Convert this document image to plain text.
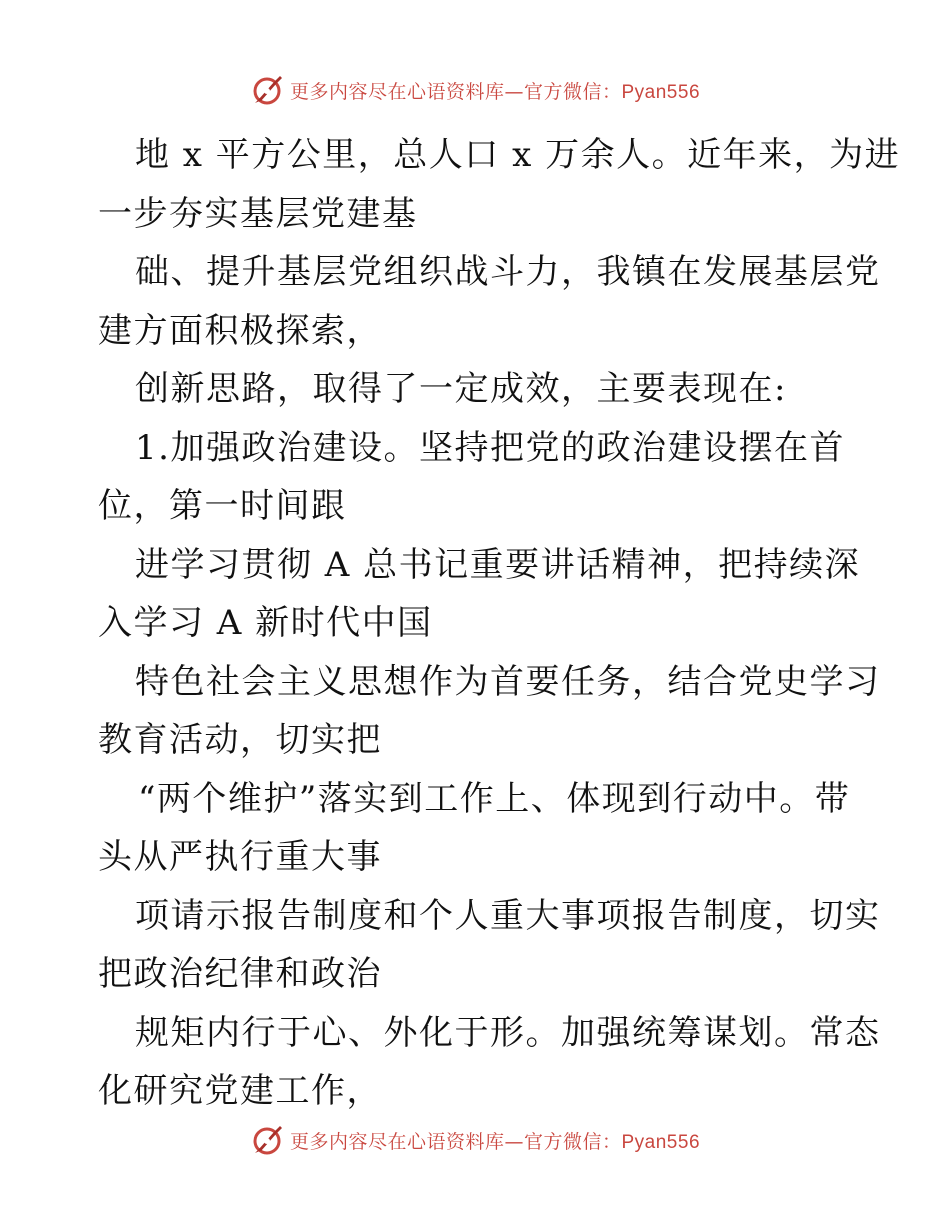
更多内容尽在心语资料库—官方微信：Pyan556
地 x 平方公里，总人口 x 万余人。近年来，为进
一步夯实基层党建基
础、提升基层党组织战斗力，我镇在发展基层党
建方面积极探索，
创新思路，取得了一定成效，主要表现在:
1.加强政治建设。坚持把党的政治建设摆在首
位，第一时间跟
进学习贯彻 A 总书记重要讲话精神，把持续深
入学习 A 新时代中国
特色社会主义思想作为首要任务，结合党史学习
教育活动，切实把
“两个维护”落实到工作上、体现到行动中。带
头从严执行重大事
项请示报告制度和个人重大事项报告制度，切实
把政治纪律和政治
规矩内行于心、外化于形。加强统筹谋划。常态
化研究党建工作，
更多内容尽在心语资料库—官方微信：Pyan556
